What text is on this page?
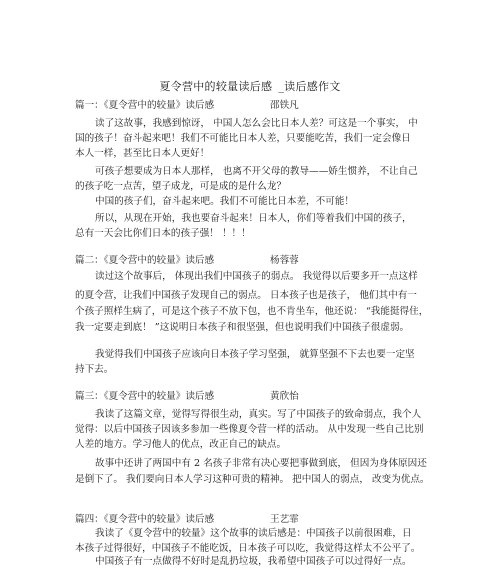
夏令营中的较量读后感 _读后感作文
篇一：《夏令营中的较量》读后感	邵铁凡
读了这故事，我感到惊讶， 中国人怎么会比日本人差？可这是一个事实， 中
国的孩子！奋斗起来吧！我们不可能比日本人差，只要能吃苦，我们一定会像日
本人一样，甚至比日本人更好！
可孩子想要成为日本人那样， 也离不开父母的教导——娇生惯养， 不让自己
的孩子吃一点苦，望子成龙，可是成的是什么龙？
中国的孩子们，奋斗起来吧。我们不可能比日本差，不可能！
所以，从现在开始，我也要奋斗起来！日本人，你们等着我们中国的孩子，
总有一天会比你们日本的孩子强！ ！！！
篇二：《夏令营中的较量》读后感	杨蓉蓉
读过这个故事后， 体现出我们中国孩子的弱点。 我觉得以后要多开一点这样
的夏令营，让我们中国孩子发现自己的弱点。 日本孩子也是孩子， 他们其中有一
个孩子照样生病了，可是这个孩子不放下包，也不肯坐车，他还说： “我能挺得住，
我一定要走到底！ ”这说明日本孩子和很坚强，但也说明我们中国孩子很虚弱。
我觉得我们中国孩子应该向日本孩子学习坚强， 就算坚强不下去也要一定坚
持下去。
篇三：《夏令营中的较量》读后感	黄欣怡
我读了这篇文章，觉得写得很生动，真实。写了中国孩子的致命弱点，我个人
觉得：以后中国孩子因该多参加一些像夏令营一样的活动。 从中发现一些自己比别
人差的地方。学习他人的优点，改正自己的缺点。
故事中还讲了两国中有 2 名孩子非常有决心要把事做到底， 但因为身体原因还
是倒下了。 我们要向日本人学习这种可贵的精神。 把中国人的弱点， 改变为优点。
篇四：《夏令营中的较量》读后感	王艺霏
我读了《夏令营中的较量》这个故事的读后感是：中国孩子以前很困难，日
本孩子过得很好，中国孩子不能吃饭，日本孩子可以吃，我觉得这样太不公平了。
中国孩子有一点做得不好时是乱扔垃圾，我希望中国孩子可以过得好一点。
